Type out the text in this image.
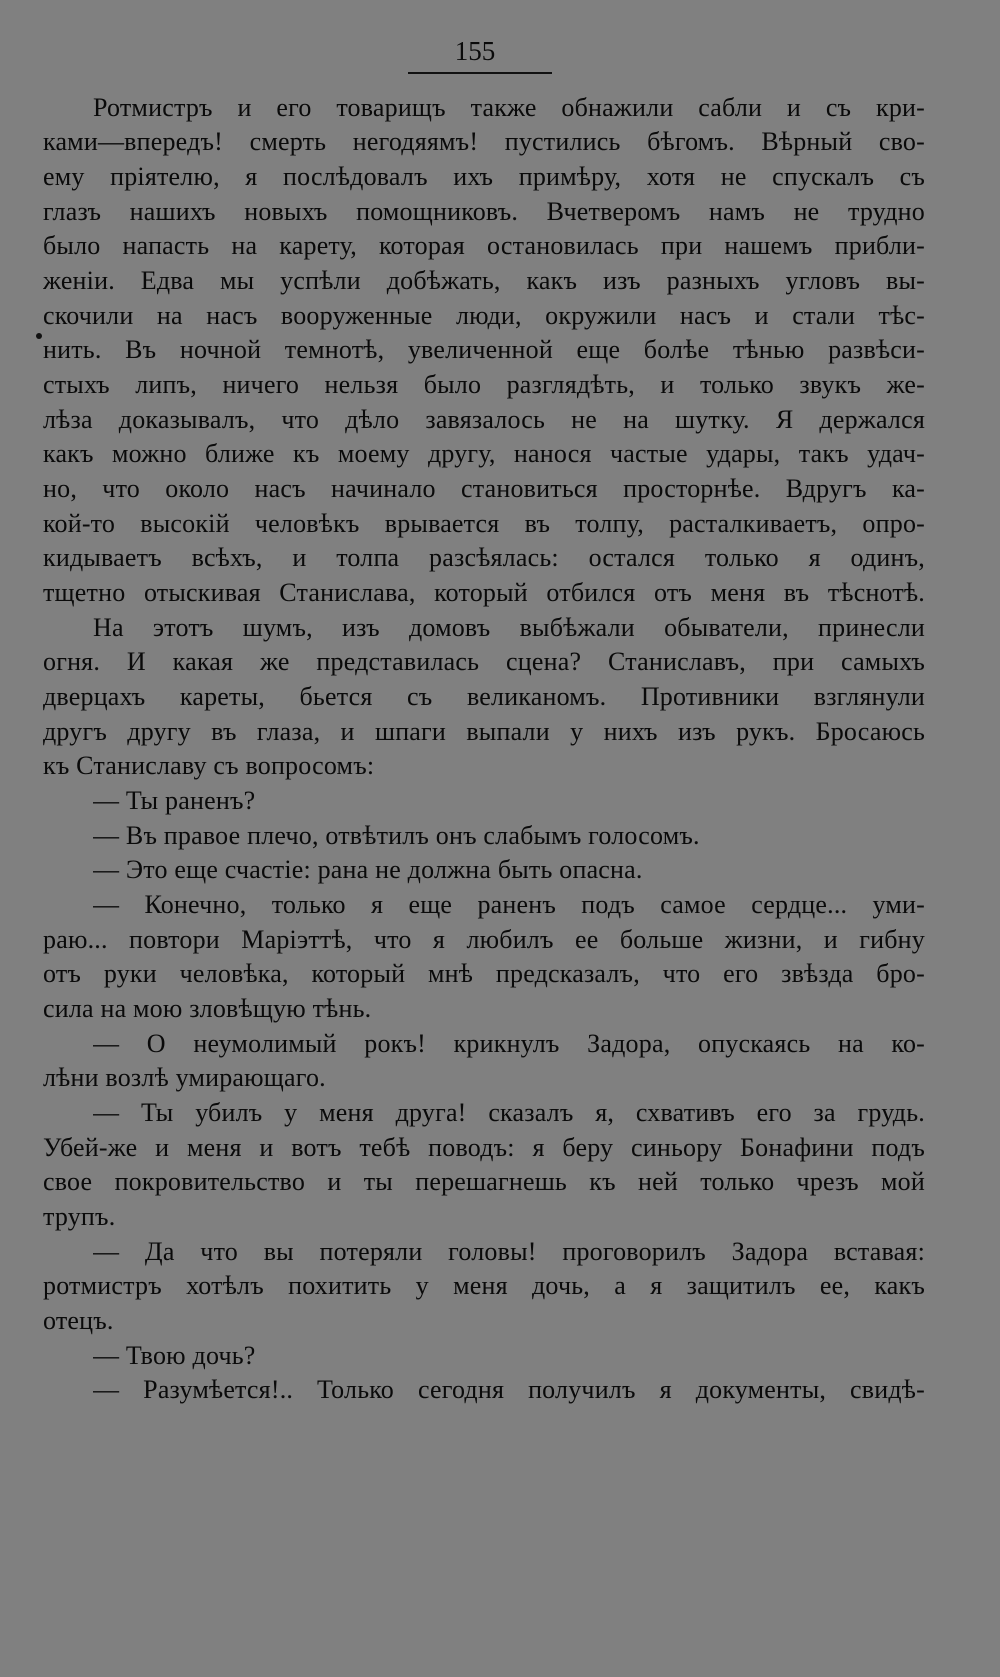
155
Ротмистръ и его товарищъ также обнажили сабли и съ кри-
ками—впередъ! смерть негодяямъ! пустились бѣгомъ. Вѣрный сво-
ему пріятелю, я послѣдовалъ ихъ примѣру, хотя не спускалъ съ
глазъ нашихъ новыхъ помощниковъ. Вчетверомъ намъ не трудно
было напасть на карету, которая остановилась при нашемъ прибли-
женіи. Едва мы успѣли добѣжать, какъ изъ разныхъ угловъ вы-
скочили на насъ вооруженные люди, окружили насъ и стали тѣс-
нить. Въ ночной темнотѣ, увеличенной еще болѣе тѣнью развѣси-
стыхъ липъ, ничего нельзя было разглядѣть, и только звукъ же-
лѣза доказывалъ, что дѣло завязалось не на шутку. Я держался
какъ можно ближе къ моему другу, нанося частые удары, такъ удач-
но, что около насъ начинало становиться просторнѣе. Вдругъ ка-
кой-то высокій человѣкъ врывается въ толпу, расталкиваетъ, опро-
кидываетъ всѣхъ, и толпа разсѣялась: остался только я одинъ,
тщетно отыскивая Станислава, который отбился отъ меня въ тѣснотѣ.
На этотъ шумъ, изъ домовъ выбѣжали обыватели, принесли
огня. И какая же представилась сцена? Станиславъ, при самыхъ
дверцахъ кареты, бьется съ великаномъ. Противники взглянули
другъ другу въ глаза, и шпаги выпали у нихъ изъ рукъ. Бросаюсь
къ Станиславу съ вопросомъ:
— Ты раненъ?
— Въ правое плечо, отвѣтилъ онъ слабымъ голосомъ.
— Это еще счастіе: рана не должна быть опасна.
— Конечно, только я еще раненъ подъ самое сердце... уми-
раю... повтори Маріэттѣ, что я любилъ ее больше жизни, и гибну
отъ руки человѣка, который мнѣ предсказалъ, что его звѣзда бро-
сила на мою зловѣщую тѣнь.
— О неумолимый рокъ! крикнулъ Задора, опускаясь на ко-
лѣни возлѣ умирающаго.
— Ты убилъ у меня друга! сказалъ я, схвативъ его за грудь.
Убей-же и меня и вотъ тебѣ поводъ: я беру синьору Бонафини подъ
свое покровительство и ты перешагнешь къ ней только чрезъ мой
трупъ.
— Да что вы потеряли головы! проговорилъ Задора вставая:
ротмистръ хотѣлъ похитить у меня дочь, а я защитилъ ее, какъ
отецъ.
— Твою дочь?
— Разумѣется!.. Только сегодня получилъ я документы, свидѣ-
